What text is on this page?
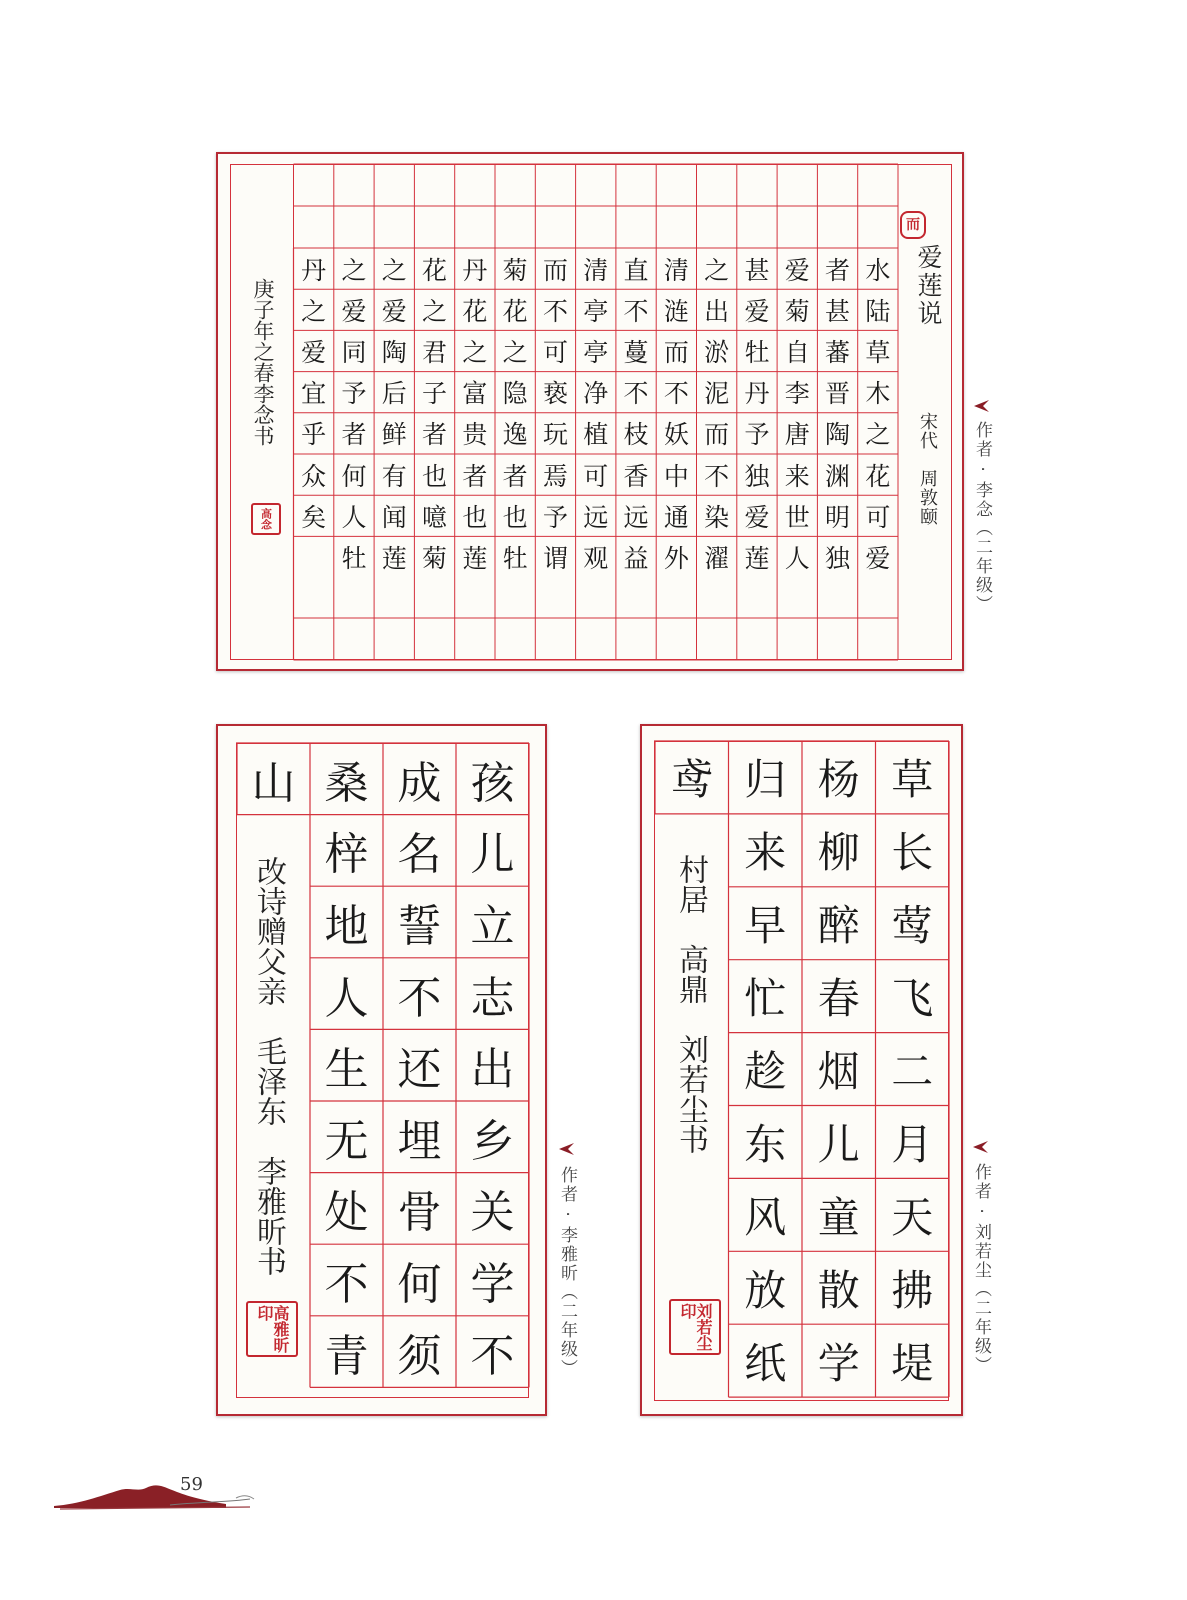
水
陆
草
木
之
花
可
爱
者
甚
蕃
晋
陶
渊
明
独
爱
菊
自
李
唐
来
世
人
甚
爱
牡
丹
予
独
爱
莲
之
出
淤
泥
而
不
染
濯
清
涟
而
不
妖
中
通
外
直
不
蔓
不
枝
香
远
益
清
亭
亭
净
植
可
远
观
而
不
可
亵
玩
焉
予
谓
菊
花
之
隐
逸
者
也
牡
丹
花
之
富
贵
者
也
莲
花
之
君
子
者
也
噫
菊
之
爱
陶
后
鲜
有
闻
莲
之
爱
同
予
者
何
人
牡
丹
之
爱
宜
乎
众
矣
爱莲说
宋代　周敦颐
而
庚子年之春李念书
高念	作者 · 李念（二年级）
孩
儿
立
志
出
乡
关
学
不
成
名
誓
不
还
埋
骨
何
须
桑
梓
地
人
生
无
处
不
青
山
改诗赠父亲　毛泽东　李雅昕书
高雅昕印	作者 · 李雅昕（二年级）
草
长
莺
飞
二
月
天
拂
堤
杨
柳
醉
春
烟
儿
童
散
学
归
来
早
忙
趁
东
风
放
纸
鸢
村居　高鼎　刘若尘书
刘若尘印	作者 · 刘若尘（二年级）
59
